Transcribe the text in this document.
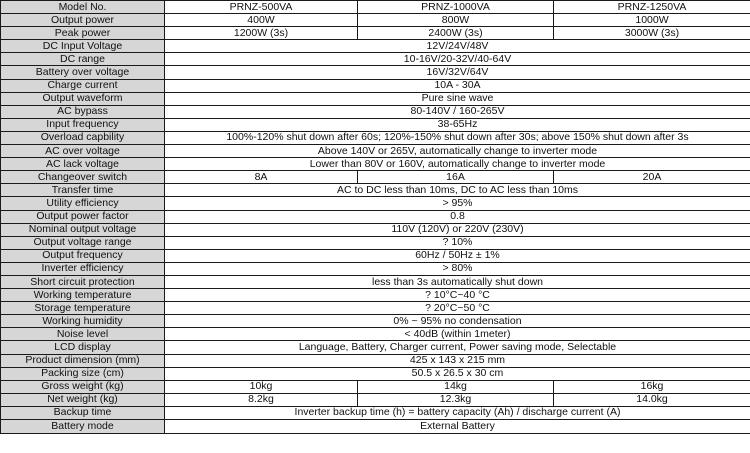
Model No.	PRNZ-500VA	PRNZ-1000VA	PRNZ-1250VA
Output power	400W	800W	1000W
Peak power	1200W (3s)	2400W (3s)	3000W (3s)
DC Input Voltage	12V/24V/48V		
DC range	10-16V/20-32V/40-64V		
Battery over voltage	16V/32V/64V		
Charge current	10A - 30A		
Output waveform	Pure sine wave		
AC bypass	80-140V / 160-265V		
Input frequency	38-65Hz		
Overload capbility	100%-120% shut down after 60s; 120%-150% shut down after 30s; above 150% shut down after 3s		
AC over voltage	Above 140V or 265V, automatically change to inverter mode		
AC lack voltage	Lower than 80V or 160V, automatically change to inverter mode		
Changeover switch	8A	16A	20A
Transfer time	AC to DC less than 10ms, DC to AC less than 10ms		
Utility efficiency	> 95%		
Output power factor	0.8		
Nominal output voltage	110V (120V) or 220V (230V)		
Output voltage range	? 10%		
Output frequency	60Hz / 50Hz ± 1%		
Inverter efficiency	> 80%		
Short circuit protection	less than 3s automatically shut down		
Working temperature	? 10°C~40 °C		
Storage temperature	? 20°C~50 °C		
Working humidity	0% ~ 95% no condensation		
Noise level	< 40dB (within 1meter)		
LCD display	Language, Battery, Charger current, Power saving mode, Selectable		
Product dimension (mm)	425 x 143 x 215 mm		
Packing size (cm)	50.5 x 26.5 x 30 cm		
Gross weight (kg)	10kg	14kg	16kg
Net weight (kg)	8.2kg	12.3kg	14.0kg
Backup time	Inverter backup time (h) = battery capacity (Ah) / discharge current (A)		
Battery mode	External Battery		
